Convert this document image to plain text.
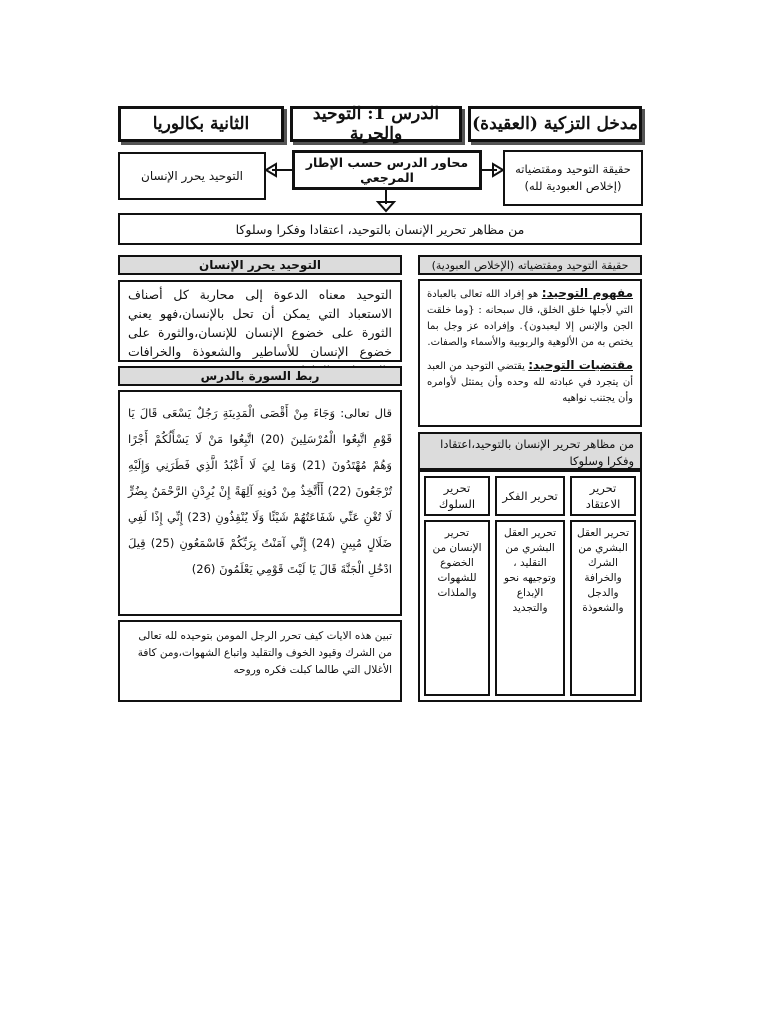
الثانية بكالوريا	الدرس 1: التوحيد والحرية	مدخل التزكية (العقيدة)
التوحيد يحرر الإنسان
محاور الدرس حسب الإطار المرجعي
حقيقة التوحيد ومقتضياته (إخلاص العبودية لله)
من مظاهر تحرير الإنسان بالتوحيد، اعتقادا وفكرا وسلوكا
التوحيد يحرر الإنسان
التوحيد معناه الدعوة إلى محاربة كل أصناف الاستعباد التي يمكن أن تحل بالإنسان،فهو يعني الثورة على خضوع الإنسان للإنسان،والثورة على خضوع الإنسان للأساطير والشعوذة والخرافات
ربط السورة بالدرس
قال تعالى: وَجَاءَ مِنْ أَقْصَى الْمَدِينَةِ رَجُلٌ يَسْعَى قَالَ يَا قَوْمِ اتَّبِعُوا الْمُرْسَلِينَ (20) اتَّبِعُوا مَنْ لَا يَسْأَلُكُمْ أَجْرًا وَهُمْ مُهْتَدُونَ (21) وَمَا لِيَ لَا أَعْبُدُ الَّذِي فَطَرَنِي وَإِلَيْهِ تُرْجَعُونَ (22) أَأَتَّخِذُ مِنْ دُونِهِ آلِهَةً إِنْ يُرِدْنِ الرَّحْمَنُ بِضُرٍّ لَا تُغْنِ عَنِّي شَفَاعَتُهُمْ شَيْئًا وَلَا يُنْقِذُونِ (23) إِنِّي إِذًا لَفِي ضَلَالٍ مُبِينٍ (24) إِنِّي آمَنْتُ بِرَبِّكُمْ فَاسْمَعُونِ (25) قِيلَ ادْخُلِ الْجَنَّةَ قَالَ يَا لَيْتَ قَوْمِي يَعْلَمُونَ (26)
تبين هذه الايات كيف تحرر الرجل المومن بتوحيده لله تعالى من الشرك وقيود الخوف والتقليد واتباع الشهوات،ومن كافة الأغلال التي طالما كبلت فكره وروحه
حقيقة التوحيد ومقتضياته (الإخلاص العبودية)
مفهوم التوحيد: هو إفراد الله تعالى بالعبادة التي لأجلها خلق الخلق، قال سبحانه : {وما خلقت الجن والإنس إلا ليعبدون}. وإفراده عز وجل بما يختص به من الألوهية والربوبية والأسماء والصفات.
مقتضيات التوحيد: يقتضي التوحيد من العبد أن يتجرد في عبادته لله وحده وأن يمتثل لأوامره وأن يجتنب نواهيه
من مظاهر تحرير الإنسان بالتوحيد،اعتقادا وفكرا وسلوكا
تحرير الاعتقاد
تحرير الفكر
تحرير السلوك
تحرير العقل البشري من الشرك والخرافة والدجل والشعوذة
تحرير العقل البشري من التقليد ، وتوجيهه نحو الإبداع والتجديد
تحرير الإنسان من الخضوع للشهوات والملذات
